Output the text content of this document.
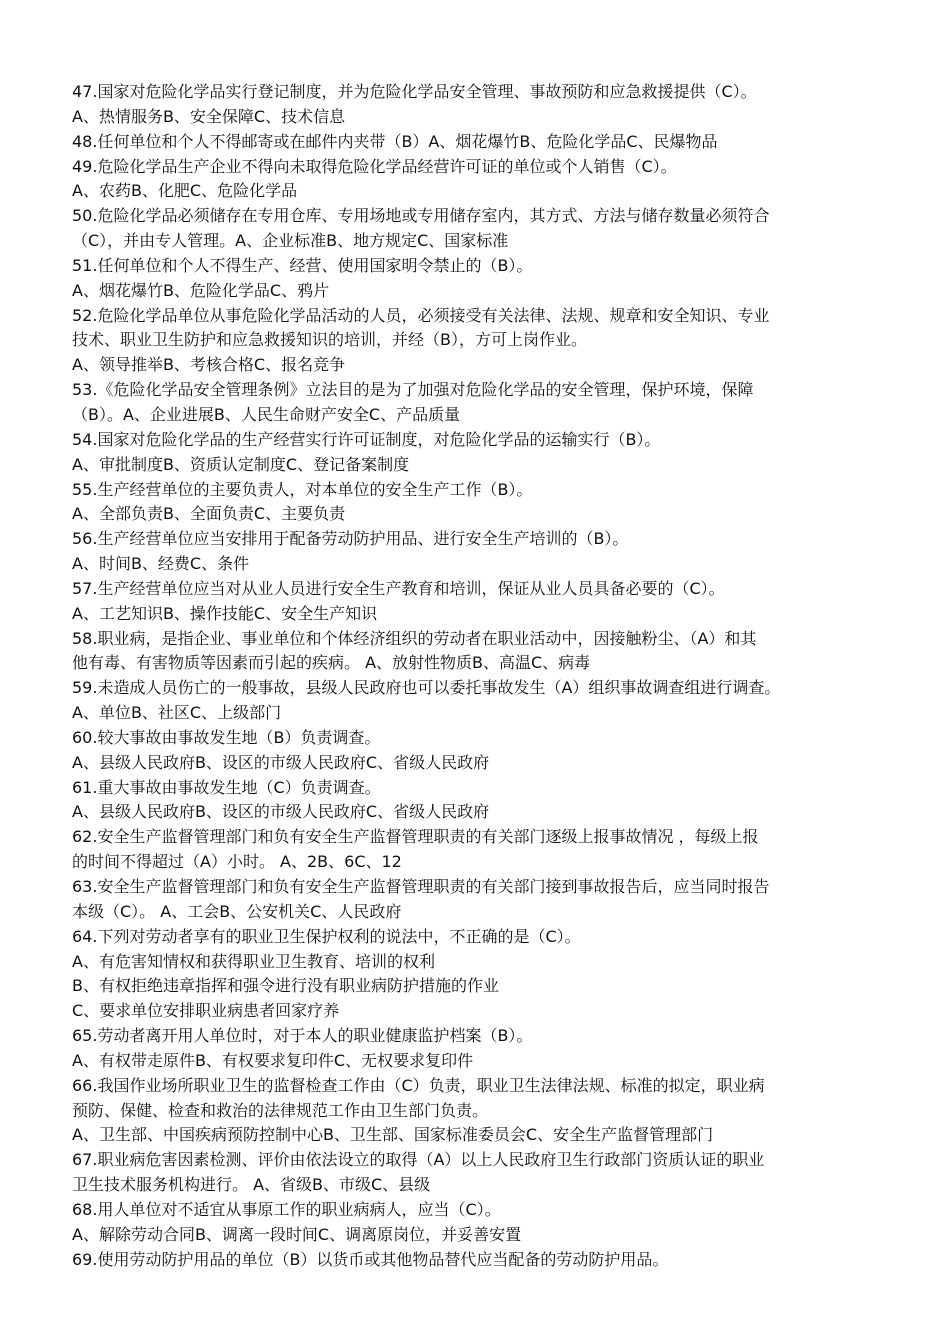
47.国家对危险化学品实行登记制度，并为危险化学品安全管理、事故预防和应急救援提供（C）。
A、热情服务B、安全保障C、技术信息
48.任何单位和个人不得邮寄或在邮件内夹带（B）A、烟花爆竹B、危险化学品C、民爆物品
49.危险化学品生产企业不得向未取得危险化学品经营许可证的单位或个人销售（C）。
A、农药B、化肥C、危险化学品
50.危险化学品必须储存在专用仓库、专用场地或专用储存室内，其方式、方法与储存数量必须符合
（C），并由专人管理。A、企业标准B、地方规定C、国家标准
51.任何单位和个人不得生产、经营、使用国家明令禁止的（B）。
A、烟花爆竹B、危险化学品C、鸦片
52.危险化学品单位从事危险化学品活动的人员，必须接受有关法律、法规、规章和安全知识、专业
技术、职业卫生防护和应急救援知识的培训，并经（B），方可上岗作业。
A、领导推举B、考核合格C、报名竞争
53.《危险化学品安全管理条例》立法目的是为了加强对危险化学品的安全管理，保护环境，保障
（B）。A、企业进展B、人民生命财产安全C、产品质量
54.国家对危险化学品的生产经营实行许可证制度，对危险化学品的运输实行（B）。
A、审批制度B、资质认定制度C、登记备案制度
55.生产经营单位的主要负责人，对本单位的安全生产工作（B）。
A、全部负责B、全面负责C、主要负责
56.生产经营单位应当安排用于配备劳动防护用品、进行安全生产培训的（B）。
A、时间B、经费C、条件
57.生产经营单位应当对从业人员进行安全生产教育和培训，保证从业人员具备必要的（C）。
A、工艺知识B、操作技能C、安全生产知识
58.职业病，是指企业、事业单位和个体经济组织的劳动者在职业活动中，因接触粉尘、（A）和其
他有毒、有害物质等因素而引起的疾病。 A、放射性物质B、高温C、病毒
59.未造成人员伤亡的一般事故，县级人民政府也可以委托事故发生（A）组织事故调查组进行调查。
A、单位B、社区C、上级部门
60.较大事故由事故发生地（B）负责调查。
A、县级人民政府B、设区的市级人民政府C、省级人民政府
61.重大事故由事故发生地（C）负责调查。
A、县级人民政府B、设区的市级人民政府C、省级人民政府
62.安全生产监督管理部门和负有安全生产监督管理职责的有关部门逐级上报事故情况 ，每级上报
的时间不得超过（A）小时。 A、2B、6C、12
63.安全生产监督管理部门和负有安全生产监督管理职责的有关部门接到事故报告后，应当同时报告
本级（C）。 A、工会B、公安机关C、人民政府
64.下列对劳动者享有的职业卫生保护权利的说法中，不正确的是（C）。
A、有危害知情权和获得职业卫生教育、培训的权利
B、有权拒绝违章指挥和强令进行没有职业病防护措施的作业
C、要求单位安排职业病患者回家疗养
65.劳动者离开用人单位时，对于本人的职业健康监护档案（B）。
A、有权带走原件B、有权要求复印件C、无权要求复印件
66.我国作业场所职业卫生的监督检查工作由（C）负责，职业卫生法律法规、标准的拟定，职业病
预防、保健、检查和救治的法律规范工作由卫生部门负责。
A、卫生部、中国疾病预防控制中心B、卫生部、国家标准委员会C、安全生产监督管理部门
67.职业病危害因素检测、评价由依法设立的取得（A）以上人民政府卫生行政部门资质认证的职业
卫生技术服务机构进行。 A、省级B、市级C、县级
68.用人单位对不适宜从事原工作的职业病病人，应当（C）。
A、解除劳动合同B、调离一段时间C、调离原岗位，并妥善安置
69.使用劳动防护用品的单位（B）以货币或其他物品替代应当配备的劳动防护用品。
